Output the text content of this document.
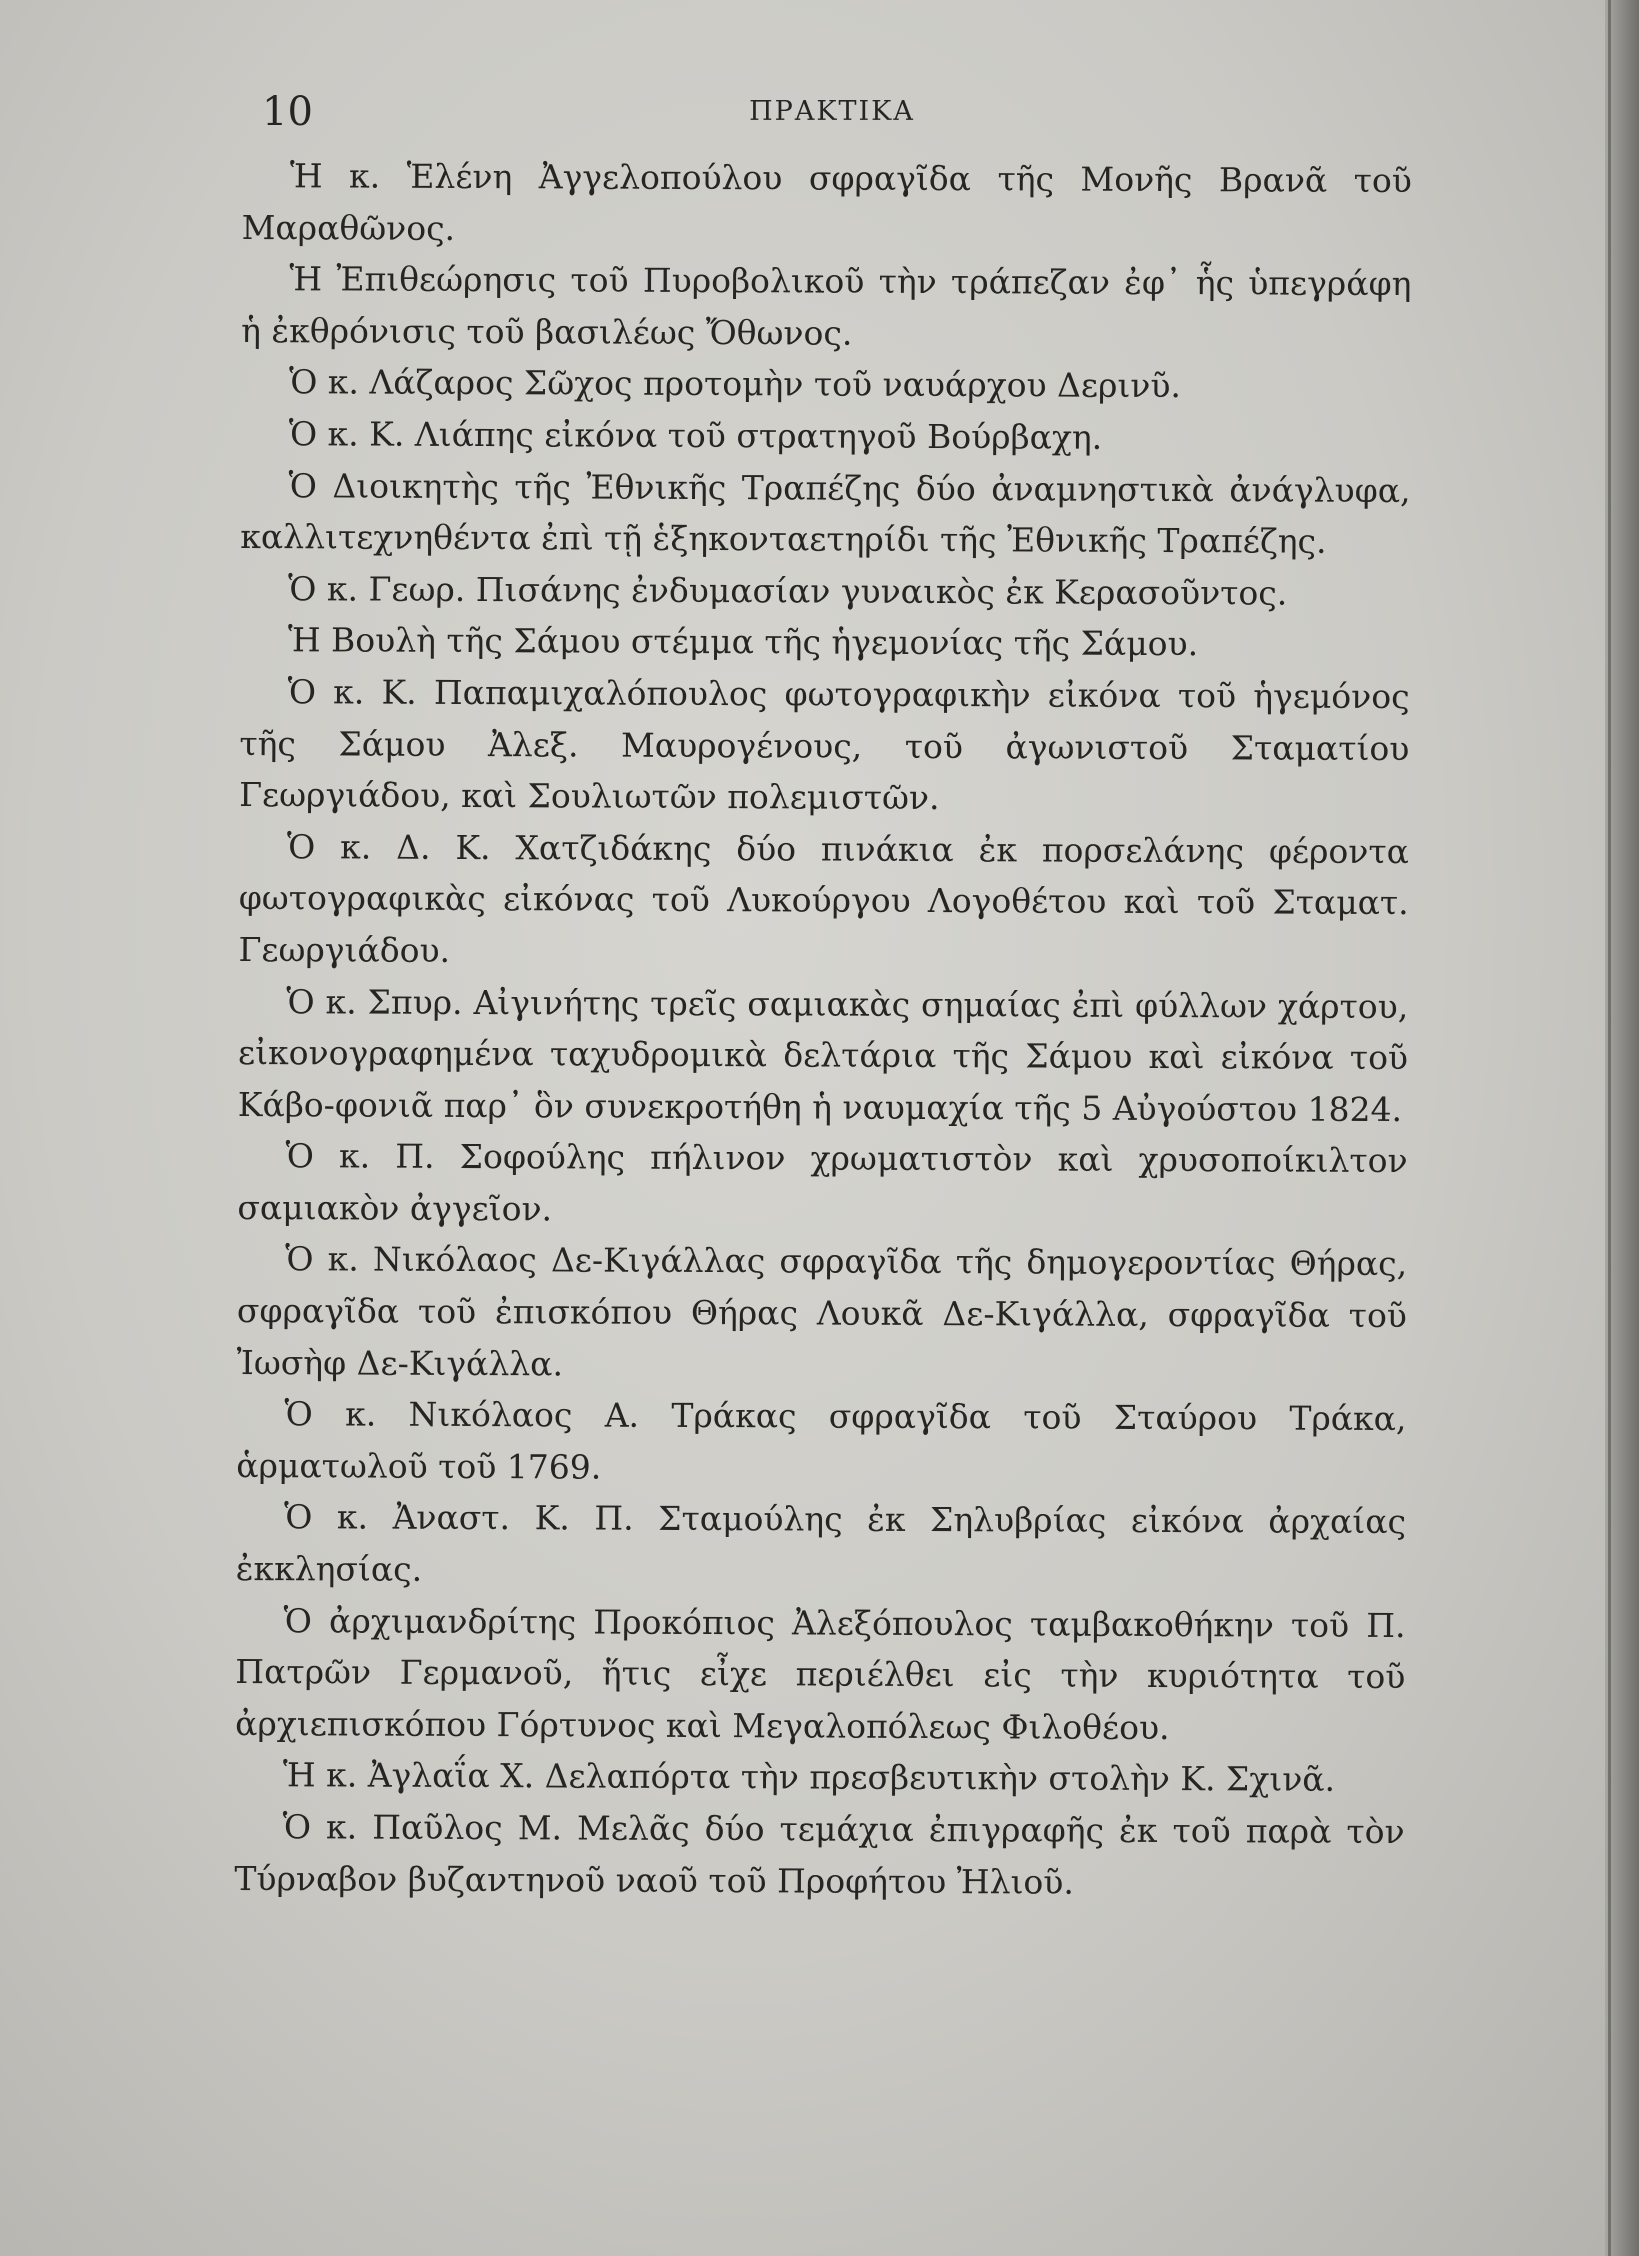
10	ΠΡΑΚΤΙΚΑ

Ἡ κ. Ἑλένη Ἀγγελοπούλου σφραγῖδα τῆς Μονῆς Βρανᾶ τοῦ Μαραθῶνος.

Ἡ Ἐπιθεώρησις τοῦ Πυροβολικοῦ τὴν τράπεζαν ἐφ᾽ ἧς ὑπεγράφη ἡ ἐκθρόνισις τοῦ βασιλέως Ὄθωνος.

Ὁ κ. Λάζαρος Σῶχος προτομὴν τοῦ ναυάρχου Δερινῦ.

Ὁ κ. Κ. Λιάπης εἰκόνα τοῦ στρατηγοῦ Βούρβαχη.

Ὁ Διοικητὴς τῆς Ἐθνικῆς Τραπέζης δύο ἀναμνηστικὰ ἀνάγλυφα, καλλιτεχνηθέντα ἐπὶ τῇ ἑξηκονταετηρίδι τῆς Ἐθνικῆς Τραπέζης.

Ὁ κ. Γεωρ. Πισάνης ἐνδυμασίαν γυναικὸς ἐκ Κερασοῦντος.

Ἡ Βουλὴ τῆς Σάμου στέμμα τῆς ἡγεμονίας τῆς Σάμου.

Ὁ κ. Κ. Παπαμιχαλόπουλος φωτογραφικὴν εἰκόνα τοῦ ἡγεμόνος τῆς Σάμου Ἀλεξ. Μαυρογένους, τοῦ ἀγωνιστοῦ Σταματίου Γεωργιάδου, καὶ Σουλιωτῶν πολεμιστῶν.

Ὁ κ. Δ. Κ. Χατζιδάκης δύο πινάκια ἐκ πορσελάνης φέροντα φωτογραφικὰς εἰκόνας τοῦ Λυκούργου Λογοθέτου καὶ τοῦ Σταματ. Γεωργιάδου.

Ὁ κ. Σπυρ. Αἰγινήτης τρεῖς σαμιακὰς σημαίας ἐπὶ φύλλων χάρτου, εἰκονογραφημένα ταχυδρομικὰ δελτάρια τῆς Σάμου καὶ εἰκόνα τοῦ Κάβο-φονιᾶ παρ᾽ ὃν συνεκροτήθη ἡ ναυμαχία τῆς 5 Αὐγούστου 1824.

Ὁ κ. Π. Σοφούλης πήλινον χρωματιστὸν καὶ χρυσοποίκιλτον σαμιακὸν ἀγγεῖον.

Ὁ κ. Νικόλαος Δε-Κιγάλλας σφραγῖδα τῆς δημογεροντίας Θήρας, σφραγῖδα τοῦ ἐπισκόπου Θήρας Λουκᾶ Δε-Κιγάλλα, σφραγῖδα τοῦ Ἰωσὴφ Δε-Κιγάλλα.

Ὁ κ. Νικόλαος Α. Τράκας σφραγῖδα τοῦ Σταύρου Τράκα, ἁρματωλοῦ τοῦ 1769.

Ὁ κ. Ἀναστ. Κ. Π. Σταμούλης ἐκ Σηλυβρίας εἰκόνα ἀρχαίας ἐκκλησίας.

Ὁ ἀρχιμανδρίτης Προκόπιος Ἀλεξόπουλος ταμβακοθήκην τοῦ Π. Πατρῶν Γερμανοῦ, ἥτις εἶχε περιέλθει εἰς τὴν κυριότητα τοῦ ἀρχιεπισκόπου Γόρτυνος καὶ Μεγαλοπόλεως Φιλοθέου.

Ἡ κ. Ἀγλαΐα Χ. Δελαπόρτα τὴν πρεσβευτικὴν στολὴν Κ. Σχινᾶ.

Ὁ κ. Παῦλος Μ. Μελᾶς δύο τεμάχια ἐπιγραφῆς ἐκ τοῦ παρὰ τὸν Τύρναβον βυζαντηνοῦ ναοῦ τοῦ Προφήτου Ἠλιοῦ.
